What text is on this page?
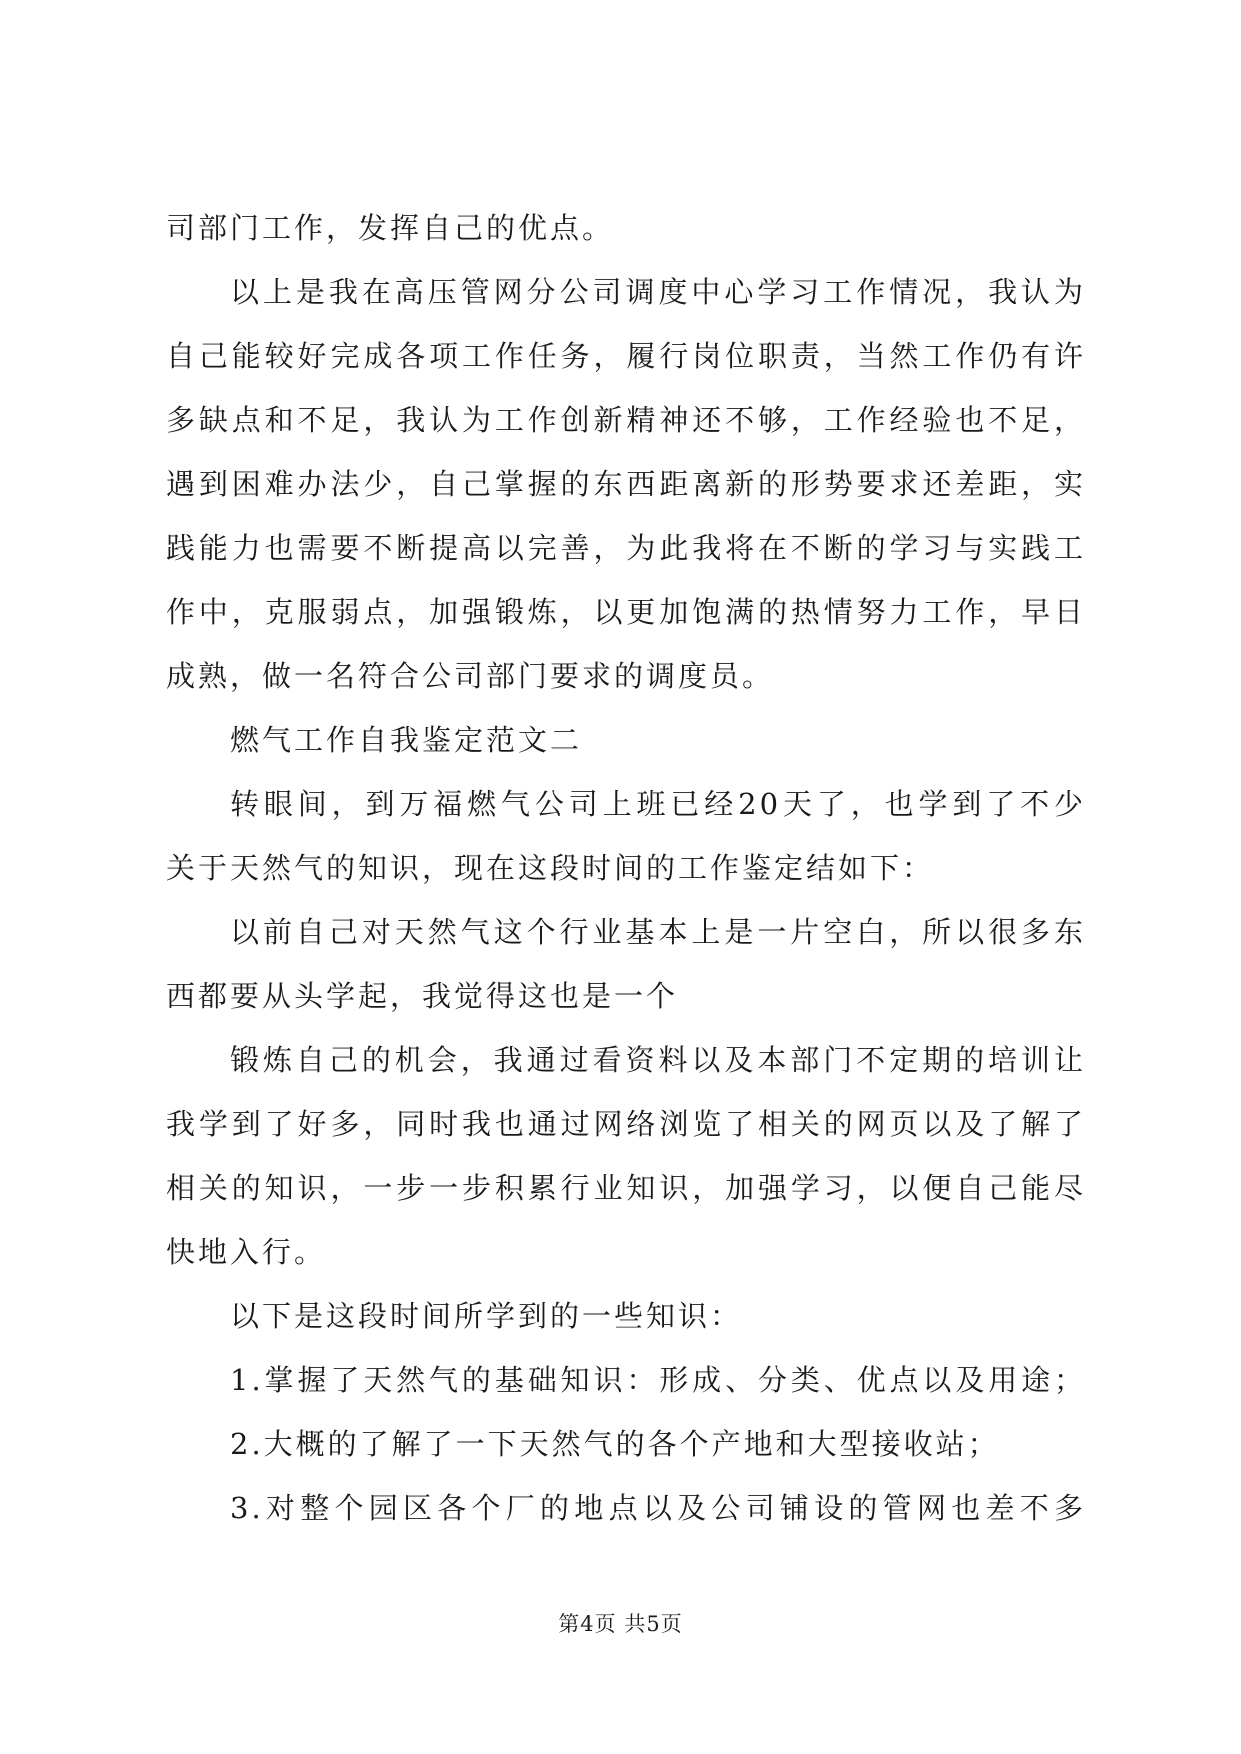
司部门工作，发挥自己的优点。
以上是我在高压管网分公司调度中心学习工作情况，我认为
自己能较好完成各项工作任务，履行岗位职责，当然工作仍有许
多缺点和不足，我认为工作创新精神还不够，工作经验也不足，
遇到困难办法少，自己掌握的东西距离新的形势要求还差距，实
践能力也需要不断提高以完善，为此我将在不断的学习与实践工
作中，克服弱点，加强锻炼，以更加饱满的热情努力工作，早日
成熟，做一名符合公司部门要求的调度员。
燃气工作自我鉴定范文二
转眼间，到万福燃气公司上班已经20天了，也学到了不少
关于天然气的知识，现在这段时间的工作鉴定结如下：
以前自己对天然气这个行业基本上是一片空白，所以很多东
西都要从头学起，我觉得这也是一个
锻炼自己的机会，我通过看资料以及本部门不定期的培训让
我学到了好多，同时我也通过网络浏览了相关的网页以及了解了
相关的知识，一步一步积累行业知识，加强学习，以便自己能尽
快地入行。
以下是这段时间所学到的一些知识：
1.掌握了天然气的基础知识：形成、分类、优点以及用途；
2.大概的了解了一下天然气的各个产地和大型接收站；
3.对整个园区各个厂的地点以及公司铺设的管网也差不多
第4页 共5页
